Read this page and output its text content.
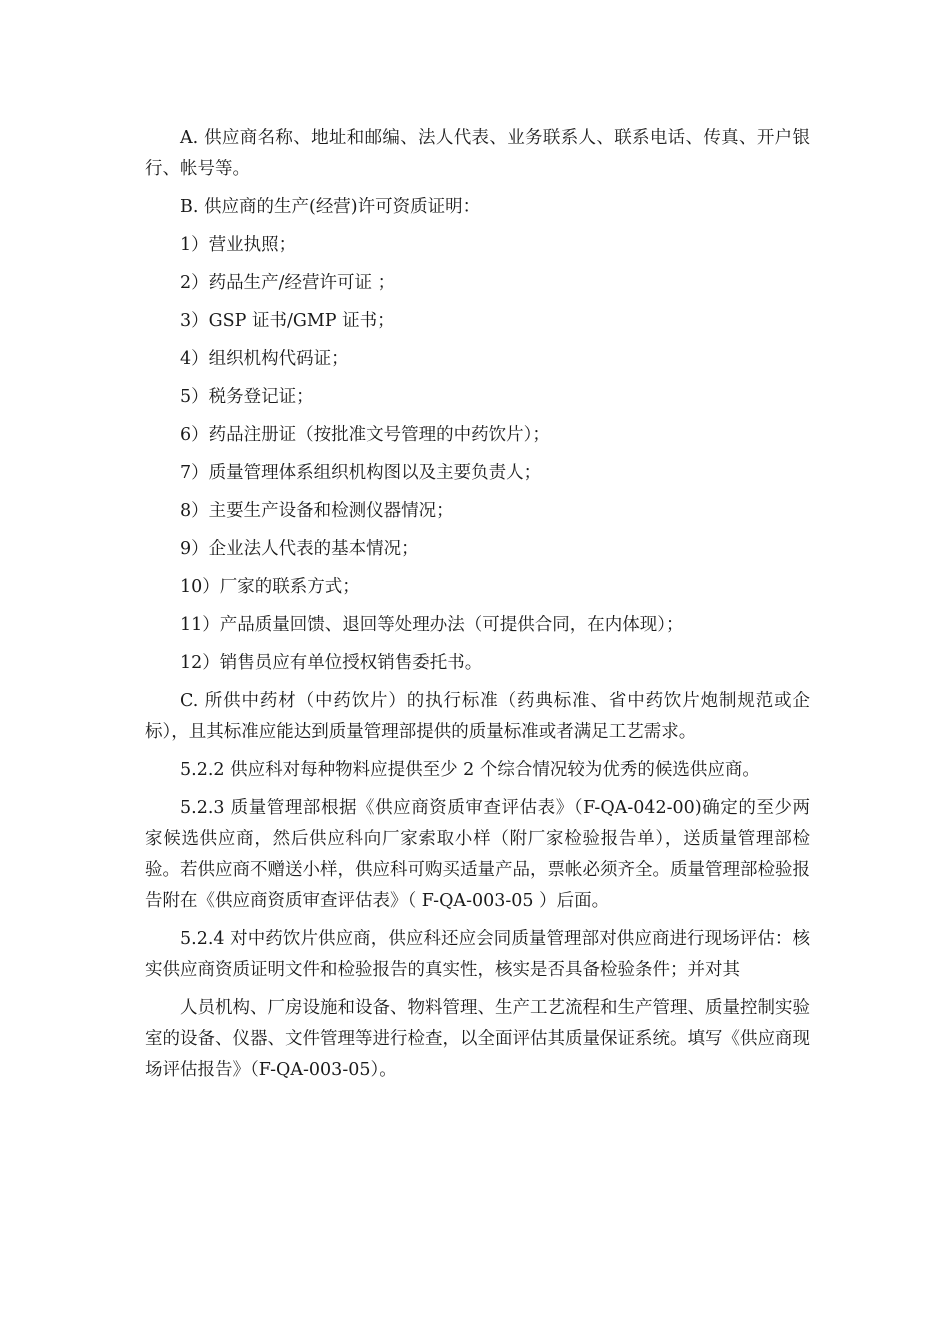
A. 供应商名称、地址和邮编、法人代表、业务联系人、联系电话、传真、开户银行、帐号等。

B. 供应商的生产(经营)许可资质证明：

1）营业执照；

2）药品生产/经营许可证 ；

3）GSP 证书/GMP 证书；

4）组织机构代码证；

5）税务登记证；

6）药品注册证（按批准文号管理的中药饮片）；

7）质量管理体系组织机构图以及主要负责人；

8）主要生产设备和检测仪器情况；

9）企业法人代表的基本情况；

10）厂家的联系方式；

11）产品质量回馈、退回等处理办法（可提供合同，在内体现）；

12）销售员应有单位授权销售委托书。

C. 所供中药材（中药饮片）的执行标准（药典标准、省中药饮片炮制规范或企标），且其标准应能达到质量管理部提供的质量标准或者满足工艺需求。

5.2.2 供应科对每种物料应提供至少 2 个综合情况较为优秀的候选供应商。

5.2.3 质量管理部根据《供应商资质审查评估表》（F-QA-042-00)确定的至少两家候选供应商，然后供应科向厂家索取小样（附厂家检验报告单），送质量管理部检验。若供应商不赠送小样，供应科可购买适量产品，票帐必须齐全。质量管理部检验报告附在《供应商资质审查评估表》（ F-QA-003-05 ）后面。

5.2.4 对中药饮片供应商，供应科还应会同质量管理部对供应商进行现场评估：核实供应商资质证明文件和检验报告的真实性，核实是否具备检验条件；并对其

人员机构、厂房设施和设备、物料管理、生产工艺流程和生产管理、质量控制实验室的设备、仪器、文件管理等进行检查，以全面评估其质量保证系统。填写《供应商现场评估报告》（F-QA-003-05）。
